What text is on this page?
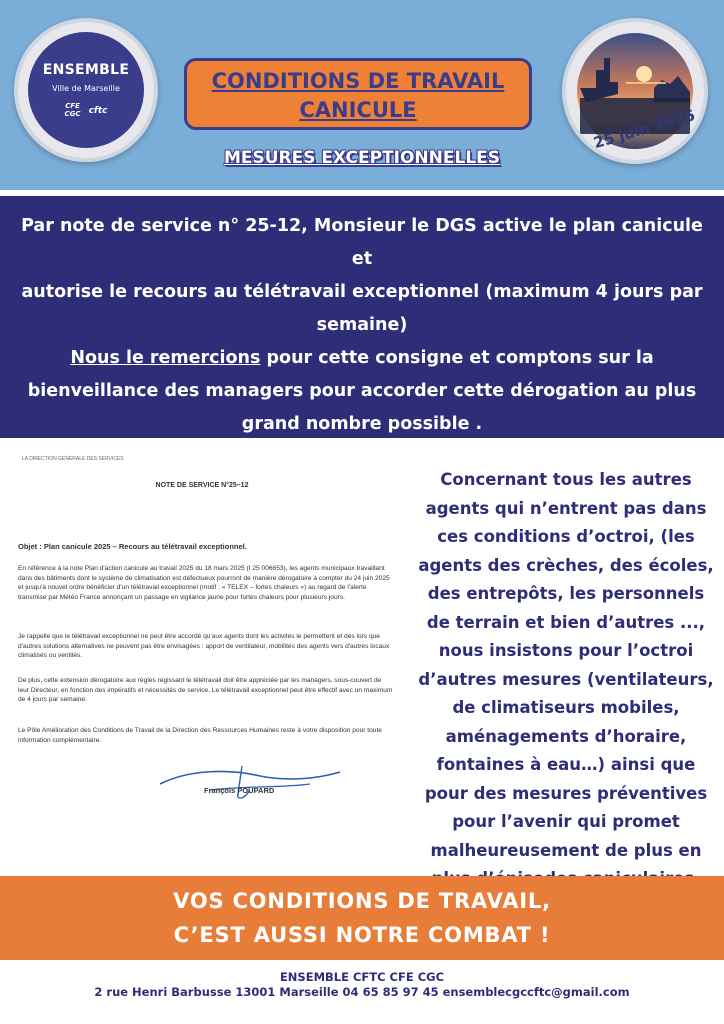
ENSEMBLE
Ville de Marseille
CFE
CGC cftc
CONDITIONS DE TRAVAIL
CANICULE
MESURES EXCEPTIONNELLES
25 juin 2025
Par note de service n° 25-12, Monsieur le DGS active le plan canicule et
autorise le recours au télétravail exceptionnel (maximum 4 jours par
semaine)
Nous le remercions pour cette consigne et comptons sur la
bienveillance des managers pour accorder cette dérogation au plus
grand nombre possible .
LA DIRECTION GÉNÉRALE DES SERVICES
NOTE DE SERVICE N°25–12
Objet : Plan canicule 2025 – Recours au télétravail exceptionnel.
En référence à la note Plan d'action canicule au travail 2025 du 18 mars 2025 (I 25 006653), les agents municipaux travaillant dans des bâtiments dont le système de climatisation est défectueux pourront de manière dérogatoire à compter du 24 juin 2025 et jusqu'à nouvel ordre bénéficier d'un télétravail exceptionnel (motif : « TELEX – fortes chaleurs ») au regard de l'alerte transmise par Météo France annonçant un passage en vigilance jaune pour fortes chaleurs pour plusieurs jours.
Je rappelle que le télétravail exceptionnel ne peut être accordé qu'aux agents dont les activités le permettent et dès lors que d'autres solutions alternatives ne peuvent pas être envisagées : apport de ventilateur, mobilités des agents vers d'autres locaux climatisés ou ventilés.
De plus, cette extension dérogatoire aux règles régissant le télétravail doit être appréciée par les managers, sous-couvert de leur Directeur, en fonction des impératifs et nécessités de service. Le télétravail exceptionnel peut être effectif avec un maximum de 4 jours par semaine.
Le Pôle Amélioration des Conditions de Travail de la Direction des Ressources Humaines reste à votre disposition pour toute information complémentaire.
François POUPARD
Concernant tous les autres
agents qui n’entrent pas dans
ces conditions d’octroi, (les
agents des crèches, des écoles,
des entrepôts, les personnels
de terrain et bien d’autres ...,
nous insistons pour l’octroi
d’autres mesures (ventilateurs,
de climatiseurs mobiles,
aménagements d’horaire,
fontaines à eau…) ainsi que
pour des mesures préventives
pour l’avenir qui promet
malheureusement de plus en
VOS CONDITIONS DE TRAVAIL,
C’EST AUSSI NOTRE COMBAT !
ENSEMBLE CFTC CFE CGC
2 rue Henri Barbusse 13001 Marseille 04 65 85 97 45 ensemblecgccftc@gmail.com
